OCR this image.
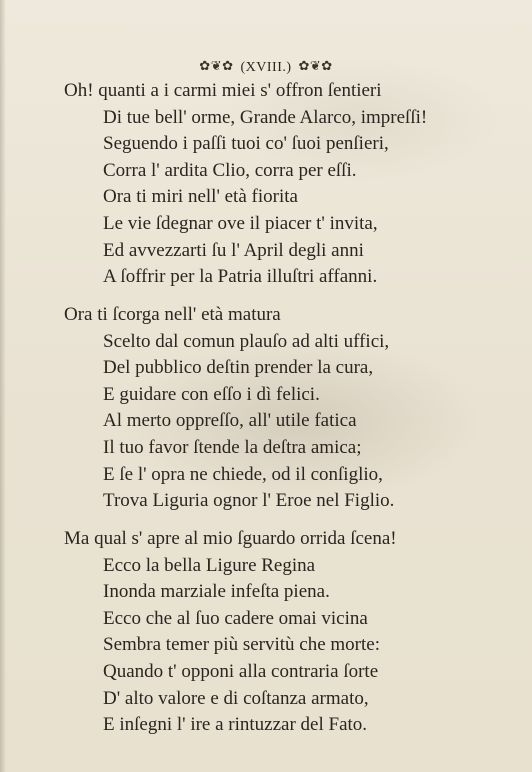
✿❦✿ (XVIII.) ✿❦✿
Oh! quanti a i carmi miei s' offron ſentieri
Di tue bell' orme, Grande Alarco, impreſſi!
Seguendo i paſſi tuoi co' ſuoi penſieri,
Corra l' ardita Clio, corra per eſſi.
Ora ti miri nell' età fiorita
Le vie ſdegnar ove il piacer t' invita,
Ed avvezzarti ſu l' April degli anni
A ſoffrir per la Patria illuſtri affanni.
Ora ti ſcorga nell' età matura
Scelto dal comun plauſo ad alti uffici,
Del pubblico deſtin prender la cura,
E guidare con eſſo i dì felici.
Al merto oppreſſo, all' utile fatica
Il tuo favor ſtende la deſtra amica;
E ſe l' opra ne chiede, od il conſiglio,
Trova Liguria ognor l' Eroe nel Figlio.
Ma qual s' apre al mio ſguardo orrida ſcena!
Ecco la bella Ligure Regina
Inonda marziale infeſta piena.
Ecco che al ſuo cadere omai vicina
Sembra temer più servitù che morte:
Quando t' opponi alla contraria ſorte
D' alto valore e di coſtanza armato,
E inſegni l' ire a rintuzzar del Fato.
